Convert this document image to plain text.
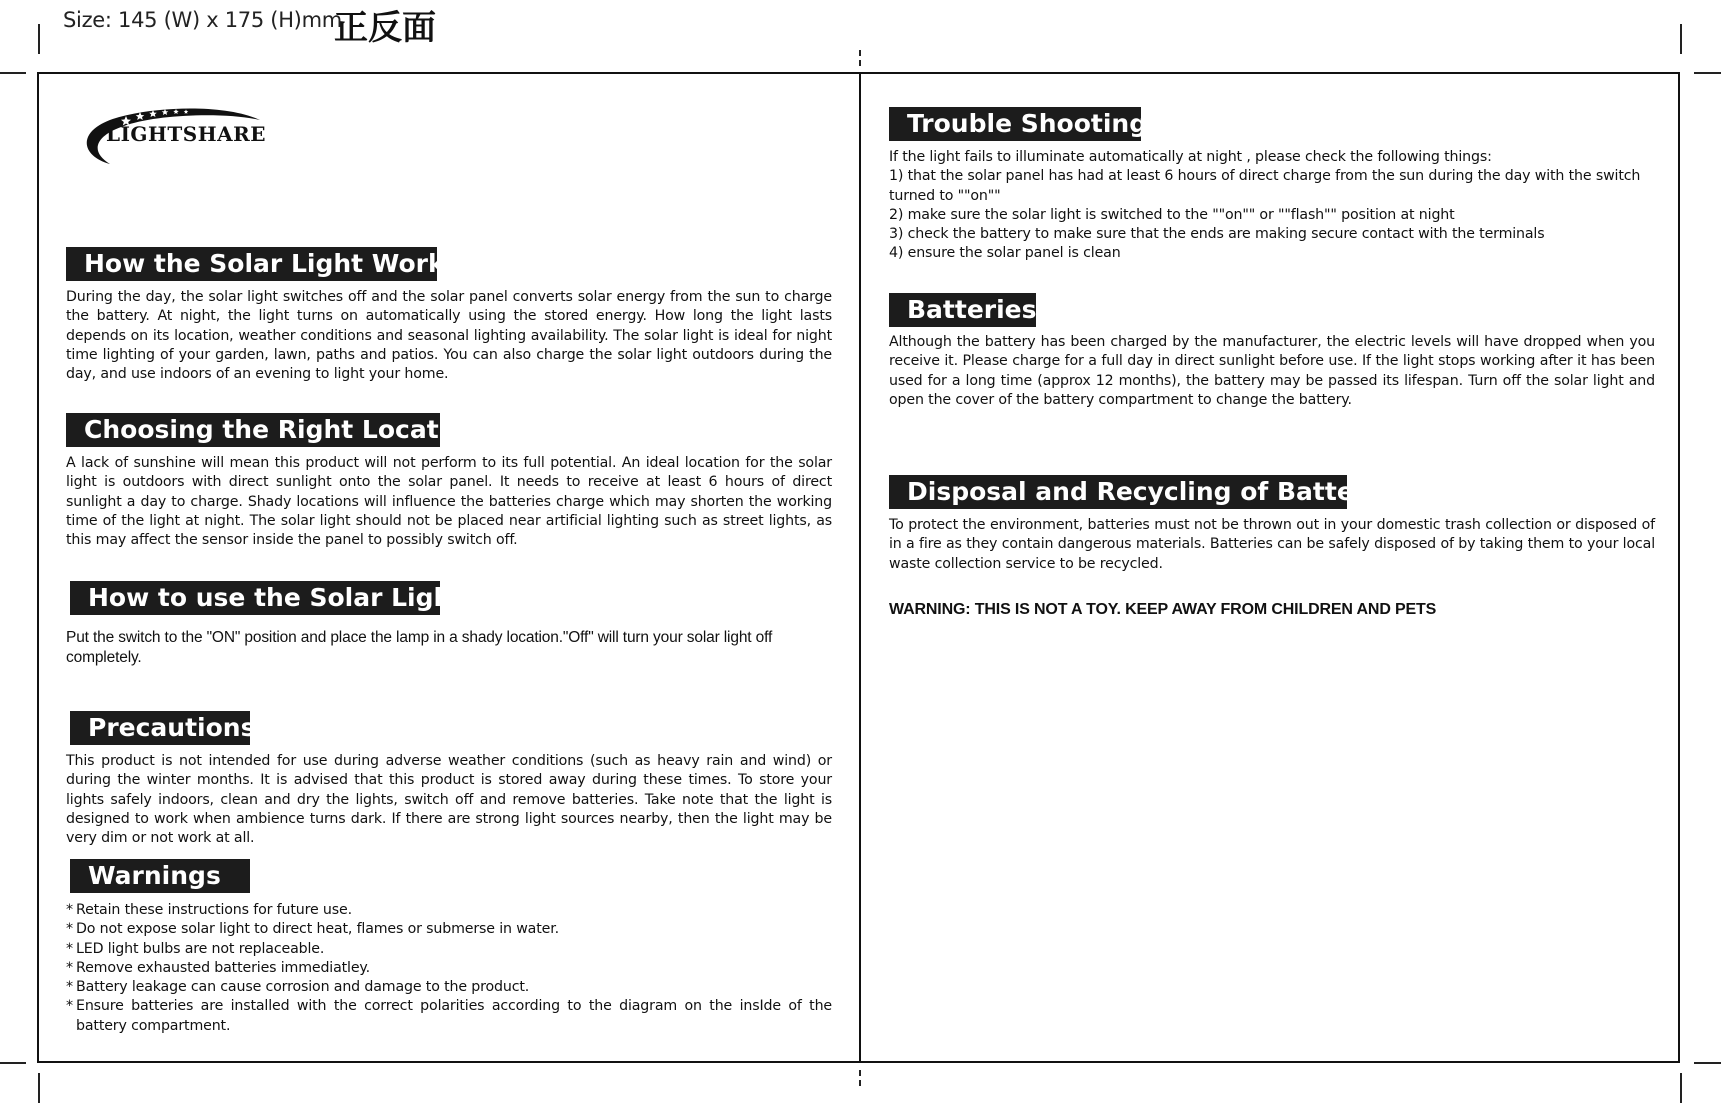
Size: 145 (W) x 175 (H)mm
正反面
LIGHTSHARE
How the Solar Light Works
During the day, the solar light switches off and the solar panel converts solar energy from the sun to charge the battery. At night, the light turns on automatically using the stored energy. How long the light lasts depends on its location, weather conditions and seasonal lighting availability. The solar light is ideal for night time lighting of your garden, lawn, paths and patios. You can also charge the solar light outdoors during the day, and use indoors of an evening to light your home.
Choosing the Right Location
A lack of sunshine will mean this product will not perform to its full potential. An ideal location for the solar light is outdoors with direct sunlight onto the solar panel. It needs to receive at least 6 hours of direct sunlight a day to charge. Shady locations will influence the batteries charge which may shorten the working time of the light at night. The solar light should not be placed near artificial lighting such as street lights, as this may affect the sensor inside the panel to possibly switch off.
How to use the Solar Light
Put the switch to the "ON" position and place the lamp in a shady location."Off" will turn your solar light off completely.
Precautions
This product is not intended for use during adverse weather conditions (such as heavy rain and wind) or during the winter months. It is advised that this product is stored away during these times. To store your lights safely indoors, clean and dry the lights, switch off and remove batteries. Take note that the light is designed to work when ambience turns dark. If there are strong light sources nearby, then the light may be very dim or not work at all.
Warnings
* Retain these instructions for future use.
* Do not expose solar light to direct heat, flames or submerse in water.
* LED light bulbs are not replaceable.
* Remove exhausted batteries immediatley.
* Battery leakage can cause corrosion and damage to the product.
* Ensure batteries are installed with the correct polarities according to the diagram on the insIde of the battery compartment.
Trouble Shooting
If the light fails to illuminate automatically at night , please check the following things:
1) that the solar panel has had at least 6 hours of direct charge from the sun during the day with the switch turned to ""on""
2) make sure the solar light is switched to the ""on"" or ""flash"" position at night
3) check the battery to make sure that the ends are making secure contact with the terminals
4) ensure the solar panel is clean
Batteries
Although the battery has been charged by the manufacturer, the electric levels will have dropped when you receive it. Please charge for a full day in direct sunlight before use. If the light stops working after it has been used for a long time (approx 12 months), the battery may be passed its lifespan. Turn off the solar light and open the cover of the battery compartment to change the battery.
Disposal and Recycling of Batteries
To protect the environment, batteries must not be thrown out in your domestic trash collection or disposed of in a fire as they contain dangerous materials. Batteries can be safely disposed of by taking them to your local waste collection service to be recycled.
WARNING: THIS IS NOT A TOY. KEEP AWAY FROM CHILDREN AND PETS
